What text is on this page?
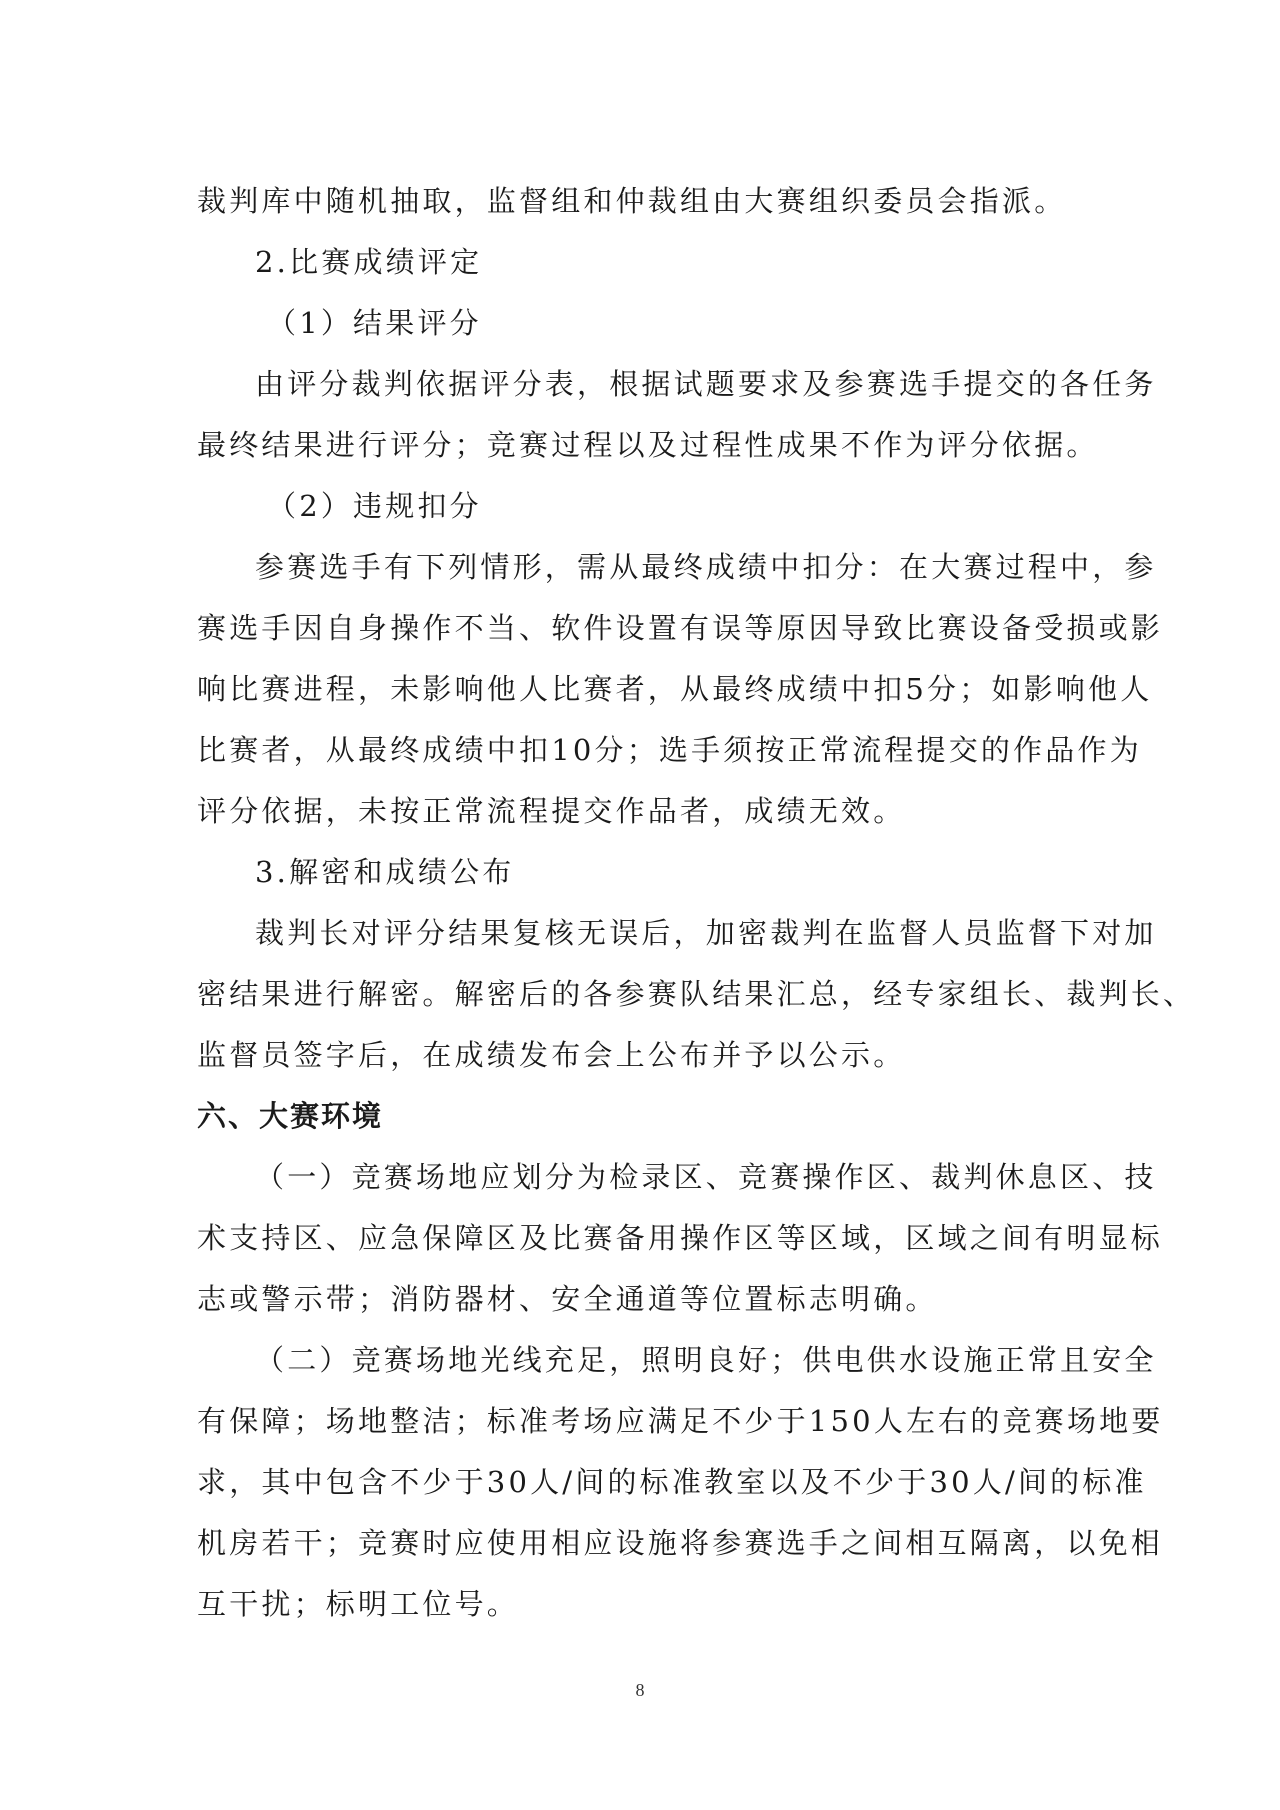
裁判库中随机抽取，监督组和仲裁组由大赛组织委员会指派。
2.比赛成绩评定
（1）结果评分
由评分裁判依据评分表，根据试题要求及参赛选手提交的各任务
最终结果进行评分；竞赛过程以及过程性成果不作为评分依据。
（2）违规扣分
参赛选手有下列情形，需从最终成绩中扣分：在大赛过程中，参
赛选手因自身操作不当、软件设置有误等原因导致比赛设备受损或影
响比赛进程，未影响他人比赛者，从最终成绩中扣5分；如影响他人
比赛者，从最终成绩中扣10分；选手须按正常流程提交的作品作为
评分依据，未按正常流程提交作品者，成绩无效。
3.解密和成绩公布
裁判长对评分结果复核无误后，加密裁判在监督人员监督下对加
密结果进行解密。解密后的各参赛队结果汇总，经专家组长、裁判长、
监督员签字后，在成绩发布会上公布并予以公示。
六、大赛环境
（一）竞赛场地应划分为检录区、竞赛操作区、裁判休息区、技
术支持区、应急保障区及比赛备用操作区等区域，区域之间有明显标
志或警示带；消防器材、安全通道等位置标志明确。
（二）竞赛场地光线充足，照明良好；供电供水设施正常且安全
有保障；场地整洁；标准考场应满足不少于150人左右的竞赛场地要
求，其中包含不少于30人/间的标准教室以及不少于30人/间的标准
机房若干；竞赛时应使用相应设施将参赛选手之间相互隔离，以免相
互干扰；标明工位号。
8
